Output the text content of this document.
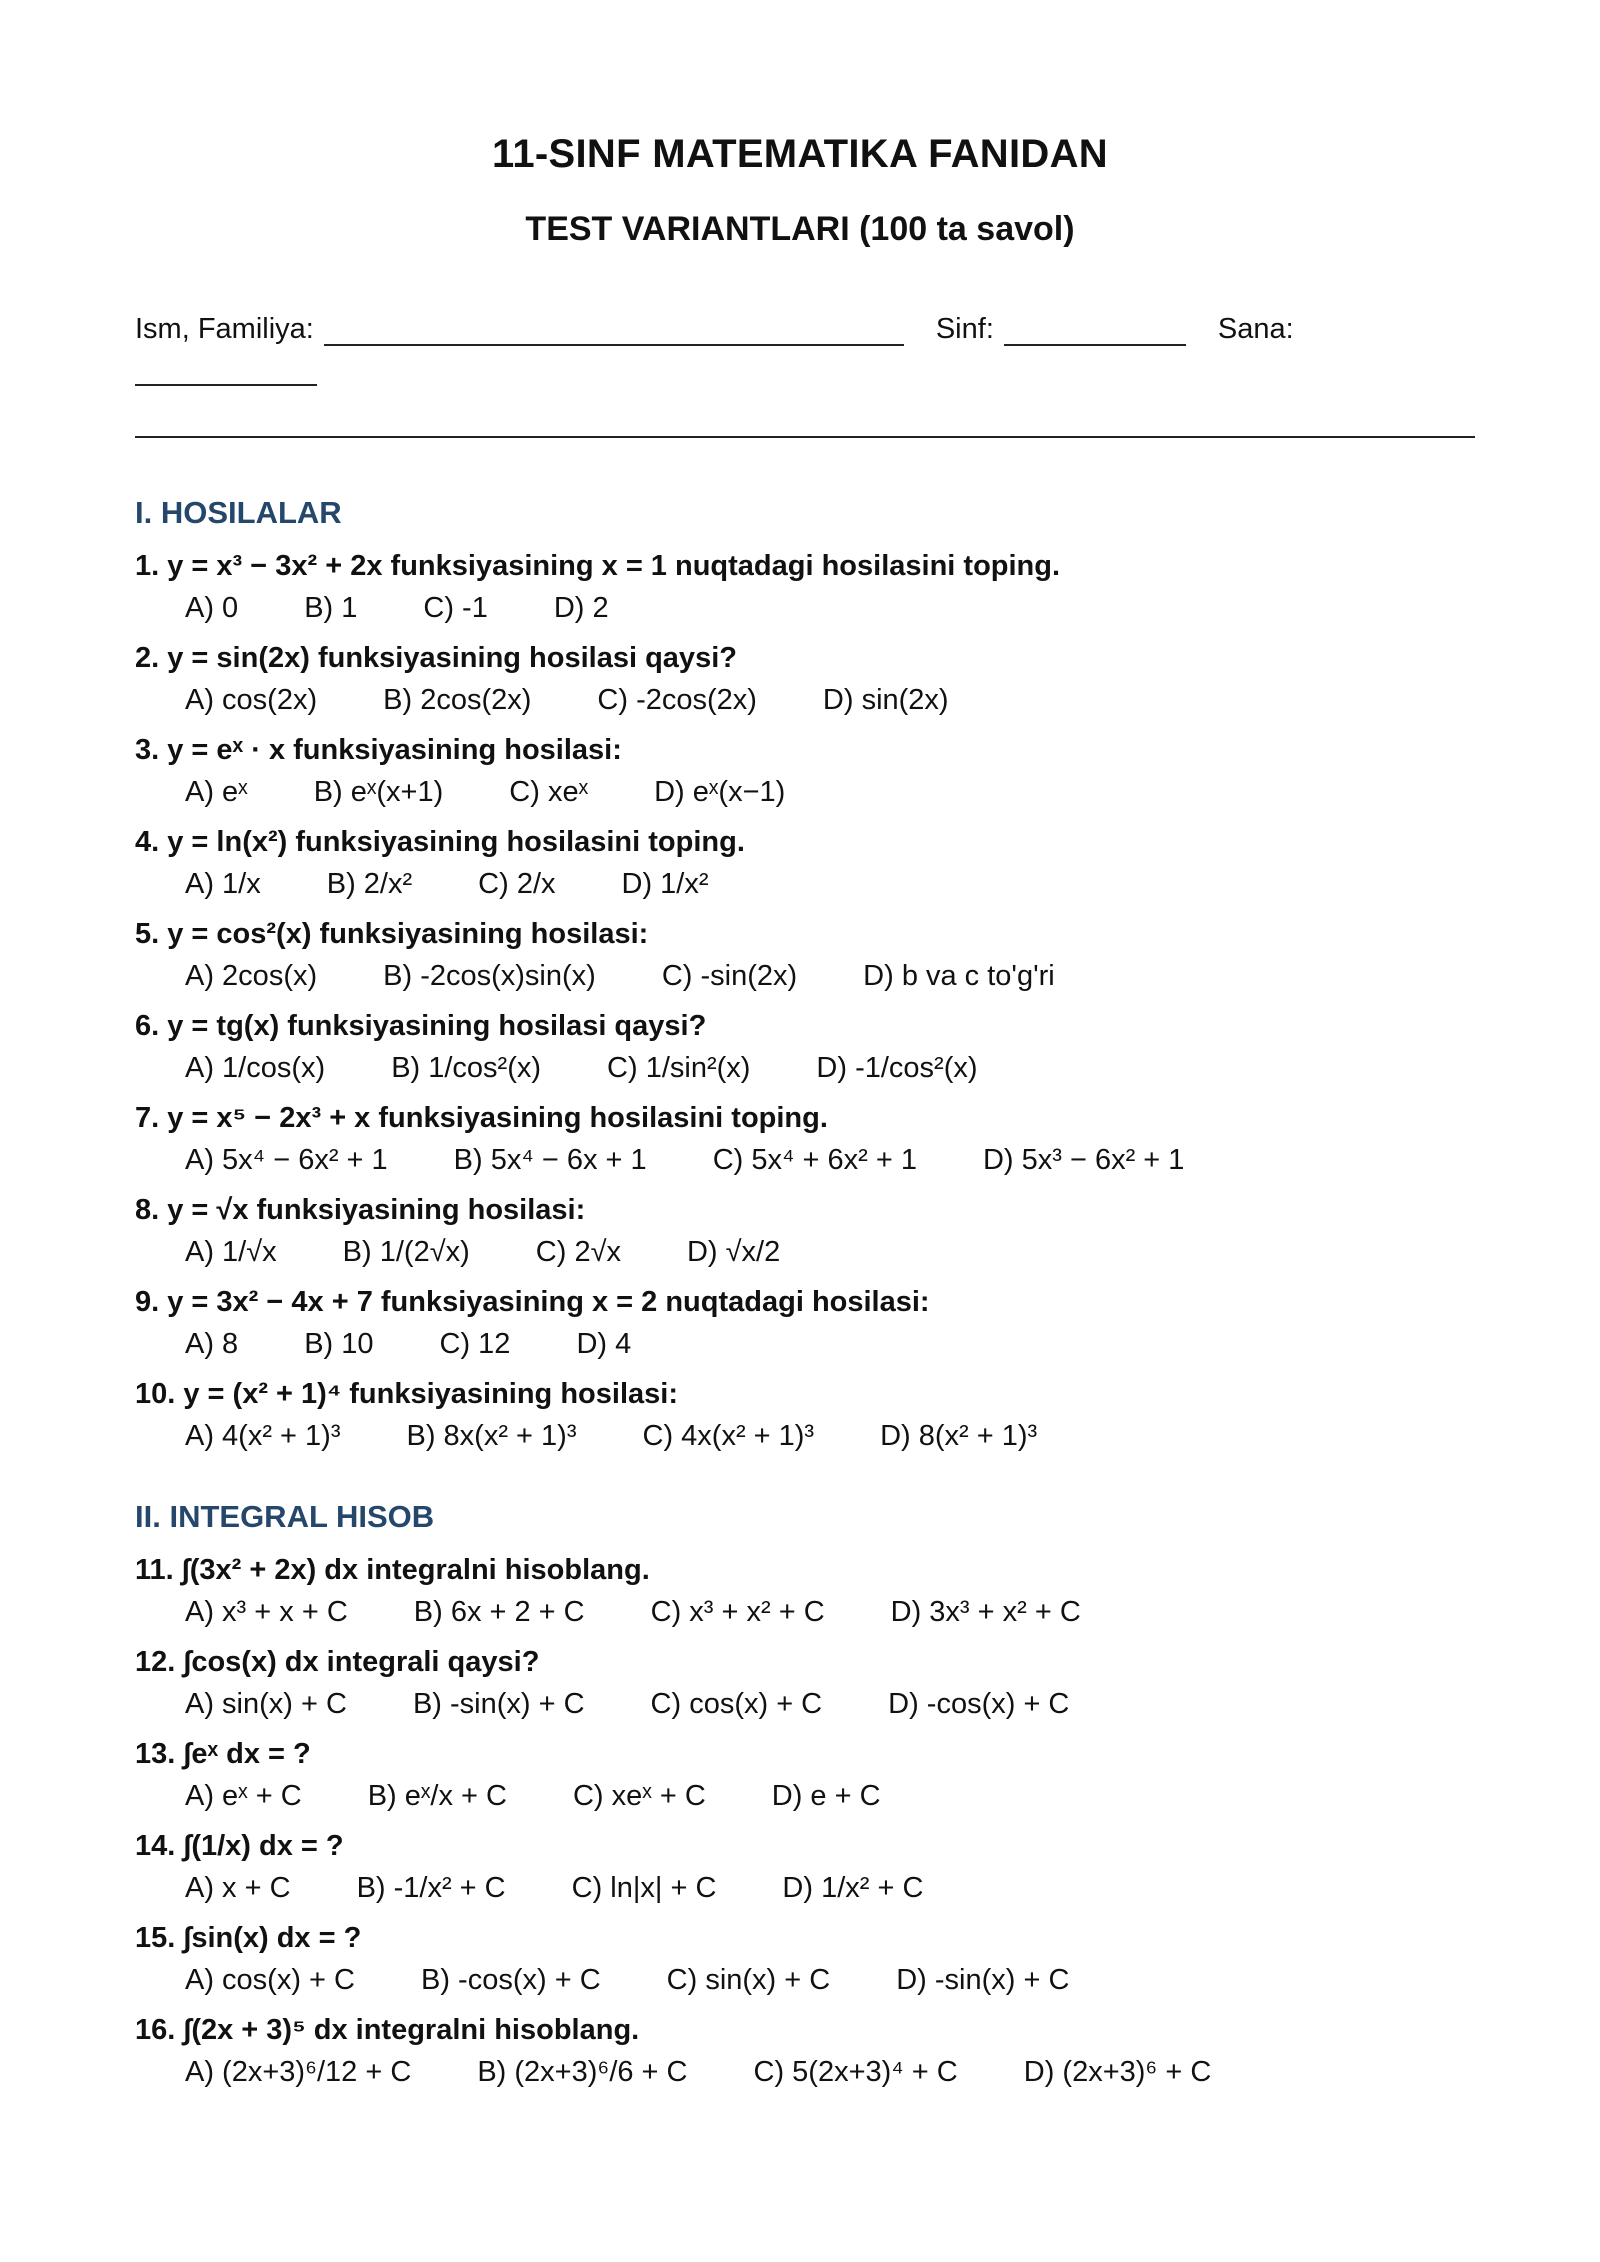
11-SINF MATEMATIKA FANIDAN
TEST VARIANTLARI (100 ta savol)
Ism, Familiya:	Sinf:	Sana:
I. HOSILALAR
1. y = x³ − 3x² + 2x funksiyasining x = 1 nuqtadagi hosilasini toping.
A) 0 B) 1 C) -1 D) 2
2. y = sin(2x) funksiyasining hosilasi qaysi?
A) cos(2x) B) 2cos(2x) C) -2cos(2x) D) sin(2x)
3. y = eˣ · x funksiyasining hosilasi:
A) eˣ B) eˣ(x+1) C) xeˣ D) eˣ(x−1)
4. y = ln(x²) funksiyasining hosilasini toping.
A) 1/x B) 2/x² C) 2/x D) 1/x²
5. y = cos²(x) funksiyasining hosilasi:
A) 2cos(x) B) -2cos(x)sin(x) C) -sin(2x) D) b va c to'g'ri
6. y = tg(x) funksiyasining hosilasi qaysi?
A) 1/cos(x) B) 1/cos²(x) C) 1/sin²(x) D) -1/cos²(x)
7. y = x⁵ − 2x³ + x funksiyasining hosilasini toping.
A) 5x⁴ − 6x² + 1 B) 5x⁴ − 6x + 1 C) 5x⁴ + 6x² + 1 D) 5x³ − 6x² + 1
8. y = √x funksiyasining hosilasi:
A) 1/√x B) 1/(2√x) C) 2√x D) √x/2
9. y = 3x² − 4x + 7 funksiyasining x = 2 nuqtadagi hosilasi:
A) 8 B) 10 C) 12 D) 4
10. y = (x² + 1)⁴ funksiyasining hosilasi:
A) 4(x² + 1)³ B) 8x(x² + 1)³ C) 4x(x² + 1)³ D) 8(x² + 1)³
II. INTEGRAL HISOB
11. ∫(3x² + 2x) dx integralni hisoblang.
A) x³ + x + C B) 6x + 2 + C C) x³ + x² + C D) 3x³ + x² + C
12. ∫cos(x) dx integrali qaysi?
A) sin(x) + C B) -sin(x) + C C) cos(x) + C D) -cos(x) + C
13. ∫eˣ dx = ?
A) eˣ + C B) eˣ/x + C C) xeˣ + C D) e + C
14. ∫(1/x) dx = ?
A) x + C B) -1/x² + C C) ln|x| + C D) 1/x² + C
15. ∫sin(x) dx = ?
A) cos(x) + C B) -cos(x) + C C) sin(x) + C D) -sin(x) + C
16. ∫(2x + 3)⁵ dx integralni hisoblang.
A) (2x+3)⁶/12 + C B) (2x+3)⁶/6 + C C) 5(2x+3)⁴ + C D) (2x+3)⁶ + C
